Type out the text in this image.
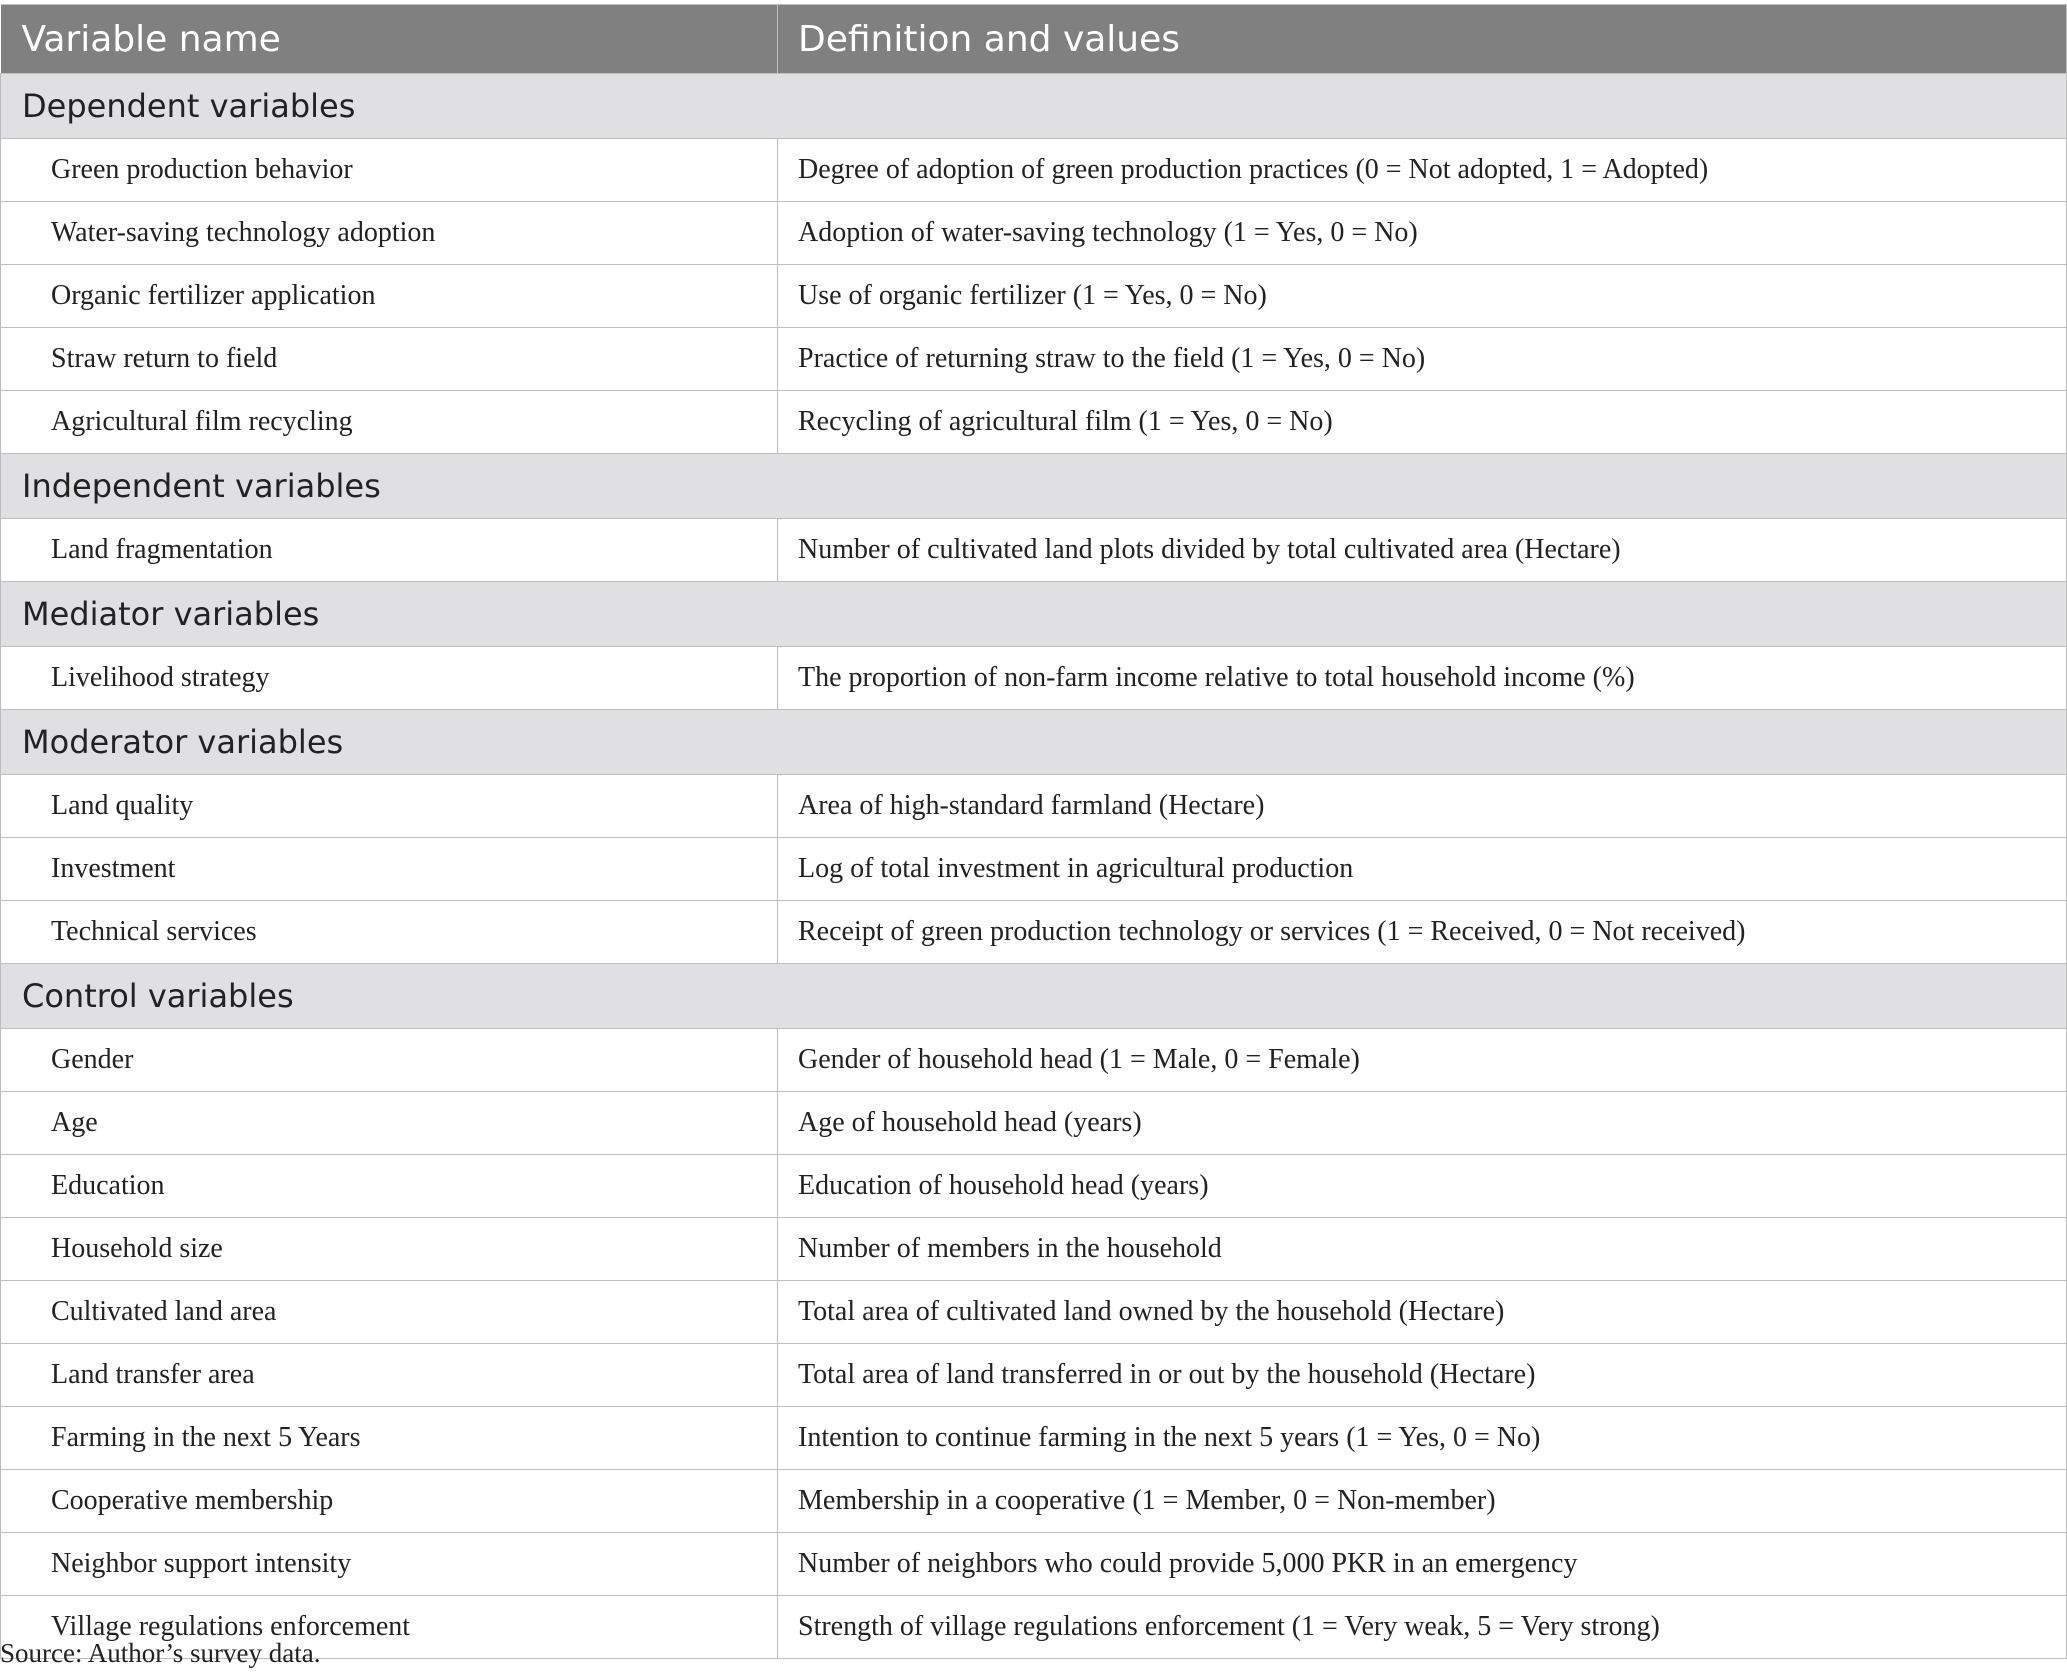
Variable name	Definition and values
Dependent variables	
Green production behavior	Degree of adoption of green production practices (0 = Not adopted, 1 = Adopted)
Water-saving technology adoption	Adoption of water-saving technology (1 = Yes, 0 = No)
Organic fertilizer application	Use of organic fertilizer (1 = Yes, 0 = No)
Straw return to field	Practice of returning straw to the field (1 = Yes, 0 = No)
Agricultural film recycling	Recycling of agricultural film (1 = Yes, 0 = No)
Independent variables	
Land fragmentation	Number of cultivated land plots divided by total cultivated area (Hectare)
Mediator variables	
Livelihood strategy	The proportion of non-farm income relative to total household income (%)
Moderator variables	
Land quality	Area of high-standard farmland (Hectare)
Investment	Log of total investment in agricultural production
Technical services	Receipt of green production technology or services (1 = Received, 0 = Not received)
Control variables	
Gender	Gender of household head (1 = Male, 0 = Female)
Age	Age of household head (years)
Education	Education of household head (years)
Household size	Number of members in the household
Cultivated land area	Total area of cultivated land owned by the household (Hectare)
Land transfer area	Total area of land transferred in or out by the household (Hectare)
Farming in the next 5 Years	Intention to continue farming in the next 5 years (1 = Yes, 0 = No)
Cooperative membership	Membership in a cooperative (1 = Member, 0 = Non-member)
Neighbor support intensity	Number of neighbors who could provide 5,000 PKR in an emergency
Village regulations enforcement	Strength of village regulations enforcement (1 = Very weak, 5 = Very strong)
Source: Author’s survey data.
